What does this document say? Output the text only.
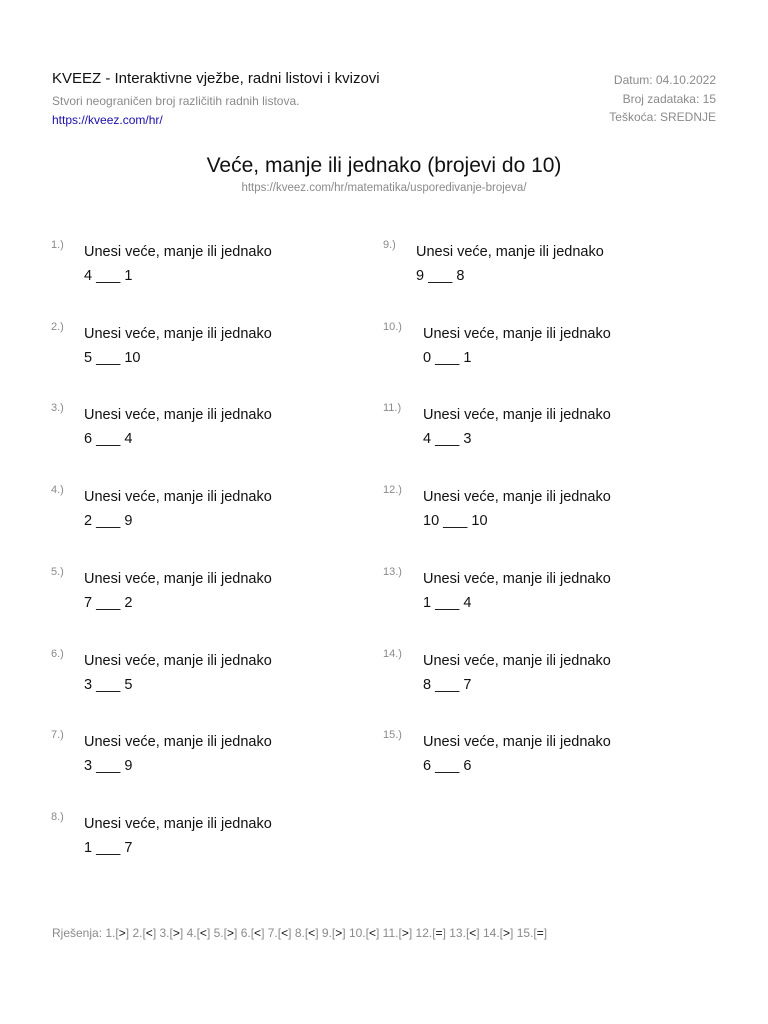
KVEEZ - Interaktivne vježbe, radni listovi i kvizovi
Stvori neograničen broj različitih radnih listova.
https://kveez.com/hr/
Datum: 04.10.2022
Broj zadataka: 15
Teškoća: SREDNJE
Veće, manje ili jednako (brojevi do 10)
https://kveez.com/hr/matematika/usporedivanje-brojeva/
1.) Unesi veće, manje ili jednako
4 ___ 1
2.) Unesi veće, manje ili jednako
5 ___ 10
3.) Unesi veće, manje ili jednako
6 ___ 4
4.) Unesi veće, manje ili jednako
2 ___ 9
5.) Unesi veće, manje ili jednako
7 ___ 2
6.) Unesi veće, manje ili jednako
3 ___ 5
7.) Unesi veće, manje ili jednako
3 ___ 9
8.) Unesi veće, manje ili jednako
1 ___ 7
9.) Unesi veće, manje ili jednako
9 ___ 8
10.) Unesi veće, manje ili jednako
0 ___ 1
11.) Unesi veće, manje ili jednako
4 ___ 3
12.) Unesi veće, manje ili jednako
10 ___ 10
13.) Unesi veće, manje ili jednako
1 ___ 4
14.) Unesi veće, manje ili jednako
8 ___ 7
15.) Unesi veće, manje ili jednako
6 ___ 6
Rješenja: 1.[>] 2.[<] 3.[>] 4.[<] 5.[>] 6.[<] 7.[<] 8.[<] 9.[>] 10.[<] 11.[>] 12.[=] 13.[<] 14.[>] 15.[=]
